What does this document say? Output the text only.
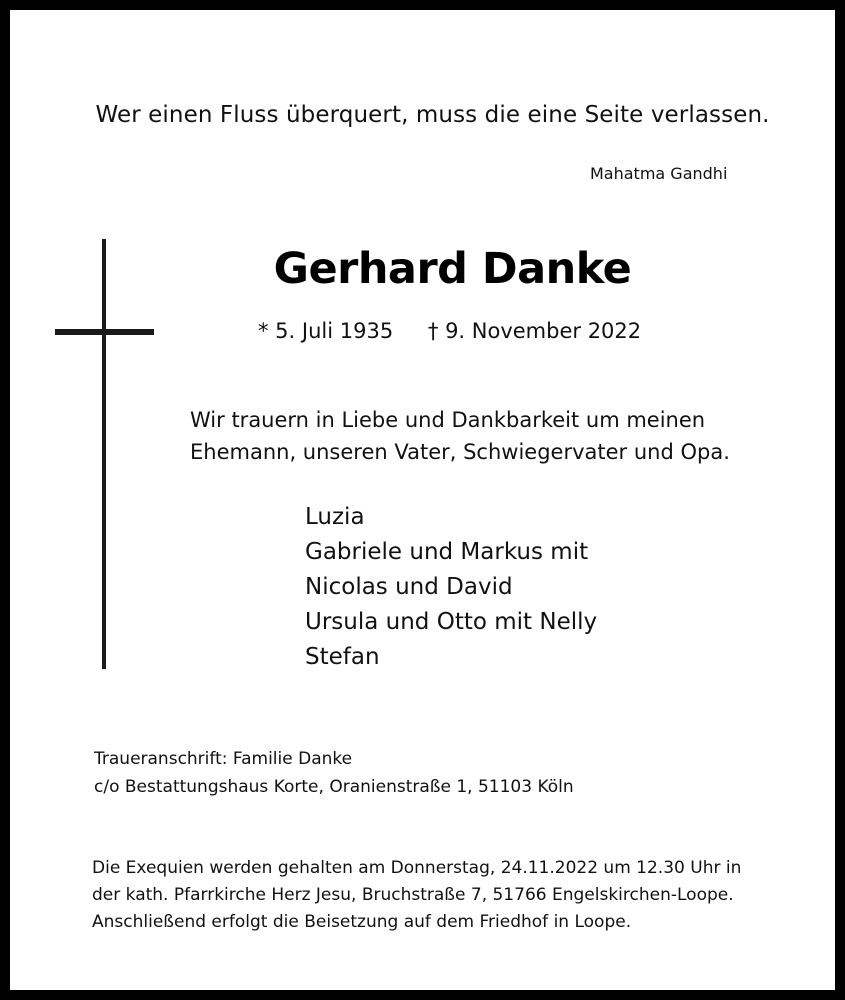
Wer einen Fluss überquert, muss die eine Seite verlassen.
Mahatma Gandhi
Gerhard Danke
* 5. Juli 1935 † 9. November 2022
Wir trauern in Liebe und Dankbarkeit um meinen
Ehemann, unseren Vater, Schwiegervater und Opa.
Luzia
Gabriele und Markus mit
Nicolas und David
Ursula und Otto mit Nelly
Stefan
Traueranschrift: Familie Danke
c/o Bestattungshaus Korte, Oranienstraße 1, 51103 Köln
Die Exequien werden gehalten am Donnerstag, 24.11.2022 um 12.30 Uhr in
der kath. Pfarrkirche Herz Jesu, Bruchstraße 7, 51766 Engelskirchen-Loope.
Anschließend erfolgt die Beisetzung auf dem Friedhof in Loope.
